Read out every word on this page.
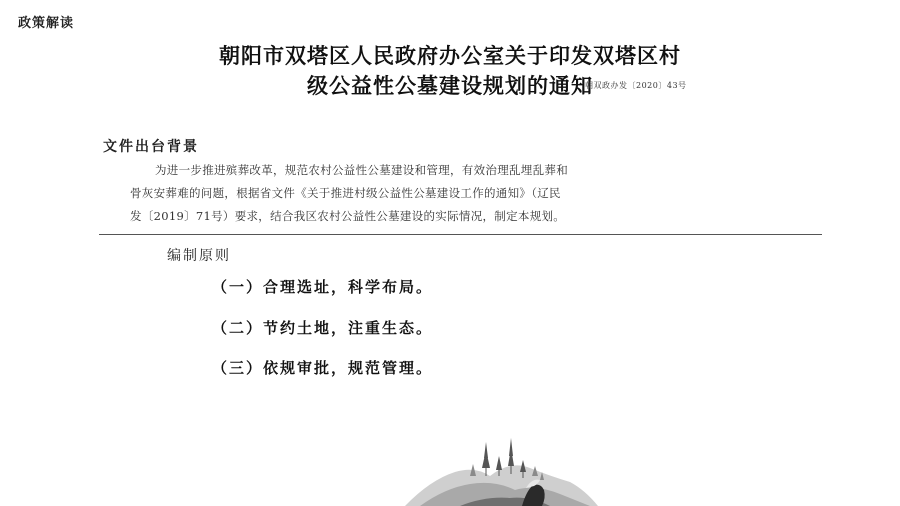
政策解读
朝阳市双塔区人民政府办公室关于印发双塔区村
级公益性公墓建设规划的通知
朝双政办发〔2020〕43号
文件出台背景
为进一步推进殡葬改革，规范农村公益性公墓建设和管理，有效治理乱埋乱葬和
骨灰安葬难的问题，根据省文件《关于推进村级公益性公墓建设工作的通知》（辽民
发〔2019〕71号）要求，结合我区农村公益性公墓建设的实际情况，制定本规划。
编制原则
（一）合理选址，科学布局。
（二）节约土地，注重生态。
（三）依规审批，规范管理。
